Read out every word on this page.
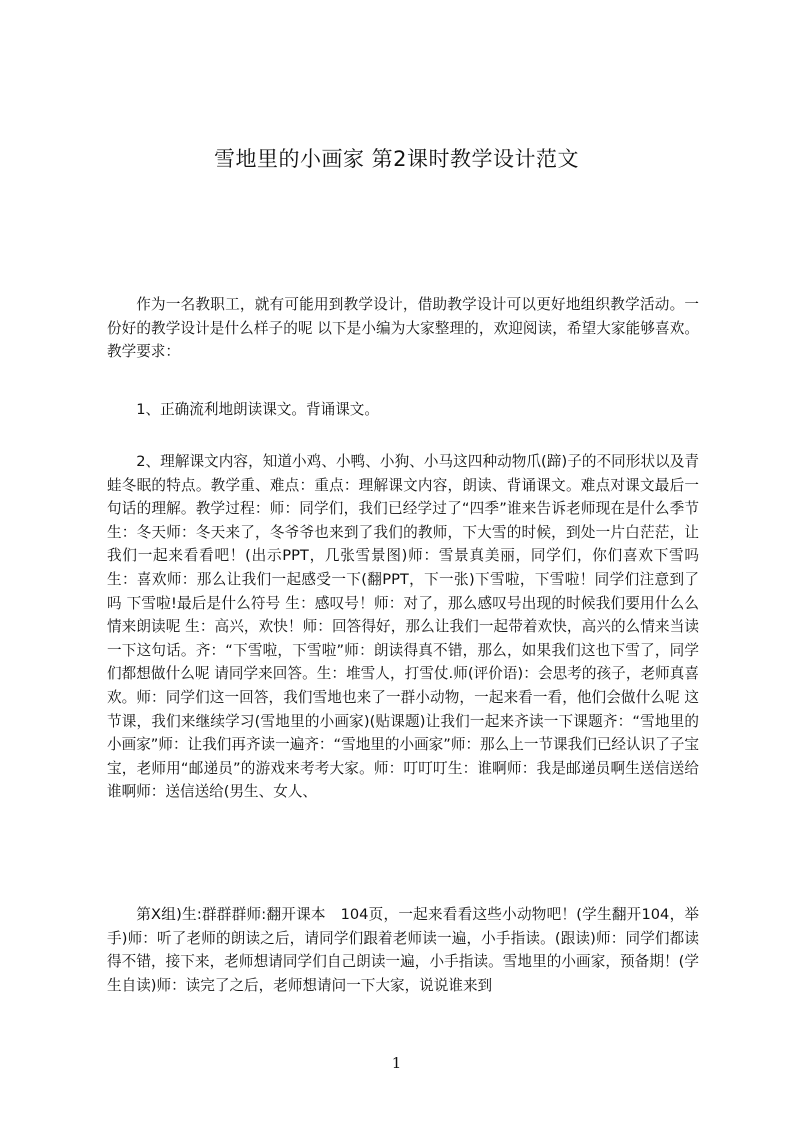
雪地里的小画家 第2课时教学设计范文

作为一名教职工，就有可能用到教学设计，借助教学设计可以更好地组织教学活动。一份好的教学设计是什么样子的呢 以下是小编为大家整理的，欢迎阅读，希望大家能够喜欢。教学要求：

1、正确流利地朗读课文。背诵课文。

2、理解课文内容，知道小鸡、小鸭、小狗、小马这四种动物爪(蹄)子的不同形状以及青蛙冬眠的特点。教学重、难点：重点：理解课文内容，朗读、背诵课文。难点对课文最后一句话的理解。教学过程：师：同学们，我们已经学过了“四季”谁来告诉老师现在是什么季节 生：冬天师：冬天来了，冬爷爷也来到了我们的教师，下大雪的时候，到处一片白茫茫，让我们一起来看看吧！(出示PPT，几张雪景图)师：雪景真美丽，同学们，你们喜欢下雪吗 生：喜欢师：那么让我们一起感受一下(翻PPT，下一张)下雪啦，下雪啦！同学们注意到了吗 下雪啦!最后是什么符号 生：感叹号！师：对了，那么感叹号出现的时候我们要用什么么情来朗读呢 生：高兴，欢快！师：回答得好，那么让我们一起带着欢快，高兴的么情来当读一下这句话。齐：“下雪啦，下雪啦”师：朗读得真不错，那么，如果我们这也下雪了，同学们都想做什么呢 请同学来回答。生：堆雪人，打雪仗.师(评价语)：会思考的孩子，老师真喜欢。师：同学们这一回答，我们雪地也来了一群小动物，一起来看一看，他们会做什么呢 这节课，我们来继续学习(雪地里的小画家)(贴课题)让我们一起来齐读一下课题齐：“雪地里的小画家”师：让我们再齐读一遍齐：“雪地里的小画家”师：那么上一节课我们已经认识了子宝宝，老师用“邮递员”的游戏来考考大家。师：叮叮叮生：谁啊师：我是邮递员啊生送信送给谁啊师：送信送给(男生、女人、

第X组)生:群群群师:翻开课本　104页，一起来看看这些小动物吧！(学生翻开104，举手)师：听了老师的朗读之后，请同学们跟着老师读一遍，小手指读。(跟读)师：同学们都读得不错，接下来，老师想请同学们自己朗读一遍，小手指读。雪地里的小画家，预备期！(学生自读)师：读完了之后，老师想请问一下大家，说说谁来到

1
